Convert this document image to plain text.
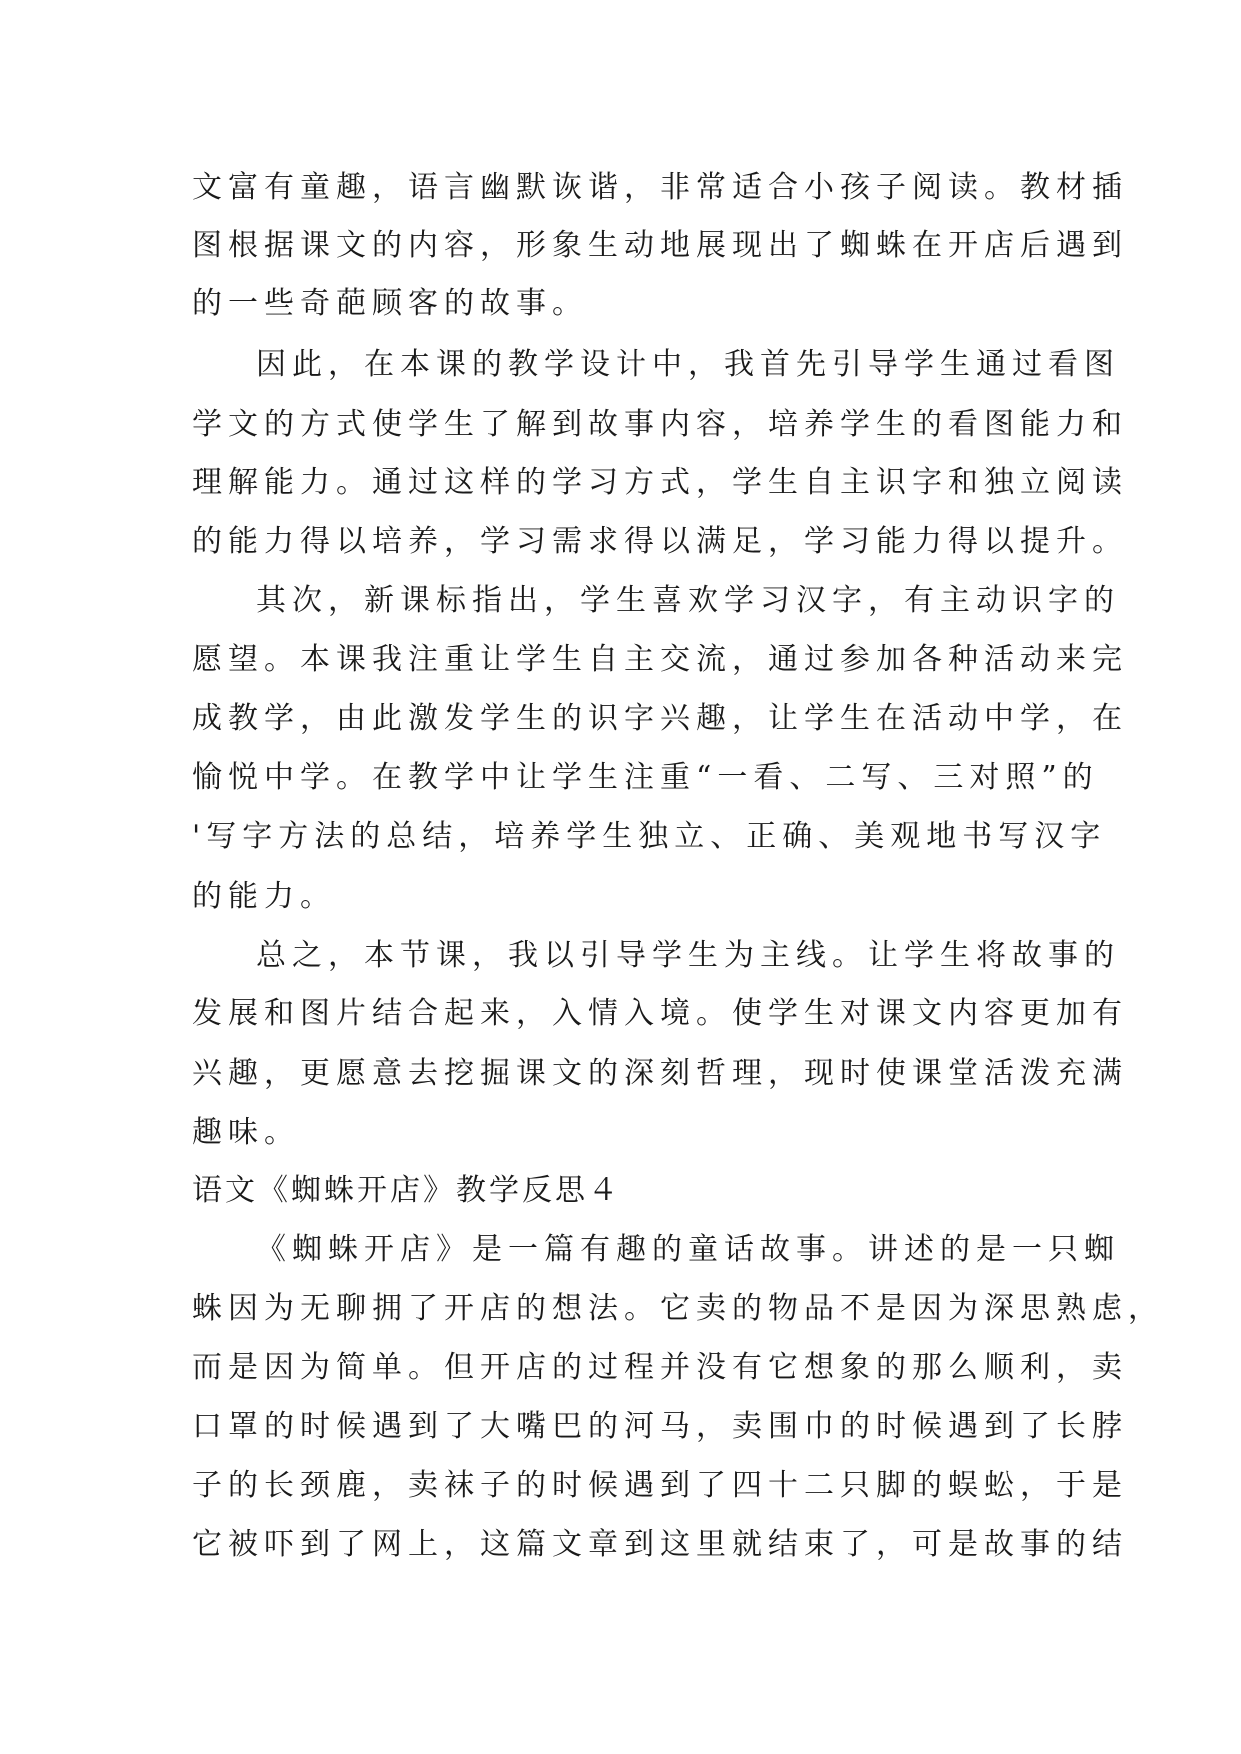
文富有童趣，语言幽默诙谐，非常适合小孩子阅读。教材插
图根据课文的内容，形象生动地展现出了蜘蛛在开店后遇到
的一些奇葩顾客的故事。
因此，在本课的教学设计中，我首先引导学生通过看图
学文的方式使学生了解到故事内容，培养学生的看图能力和
理解能力。通过这样的学习方式，学生自主识字和独立阅读
的能力得以培养，学习需求得以满足，学习能力得以提升。
其次，新课标指出，学生喜欢学习汉字，有主动识字的
愿望。本课我注重让学生自主交流，通过参加各种活动来完
成教学，由此激发学生的识字兴趣，让学生在活动中学，在
愉悦中学。在教学中让学生注重“一看、二写、三对照”的
'写字方法的总结，培养学生独立、正确、美观地书写汉字
的能力。
总之，本节课，我以引导学生为主线。让学生将故事的
发展和图片结合起来，入情入境。使学生对课文内容更加有
兴趣，更愿意去挖掘课文的深刻哲理，现时使课堂活泼充满
趣味。
语文《蜘蛛开店》教学反思４
《蜘蛛开店》是一篇有趣的童话故事。讲述的是一只蜘
蛛因为无聊拥了开店的想法。它卖的物品不是因为深思熟虑，
而是因为简单。但开店的过程并没有它想象的那么顺利，卖
口罩的时候遇到了大嘴巴的河马，卖围巾的时候遇到了长脖
子的长颈鹿，卖袜子的时候遇到了四十二只脚的蜈蚣，于是
它被吓到了网上，这篇文章到这里就结束了，可是故事的结
